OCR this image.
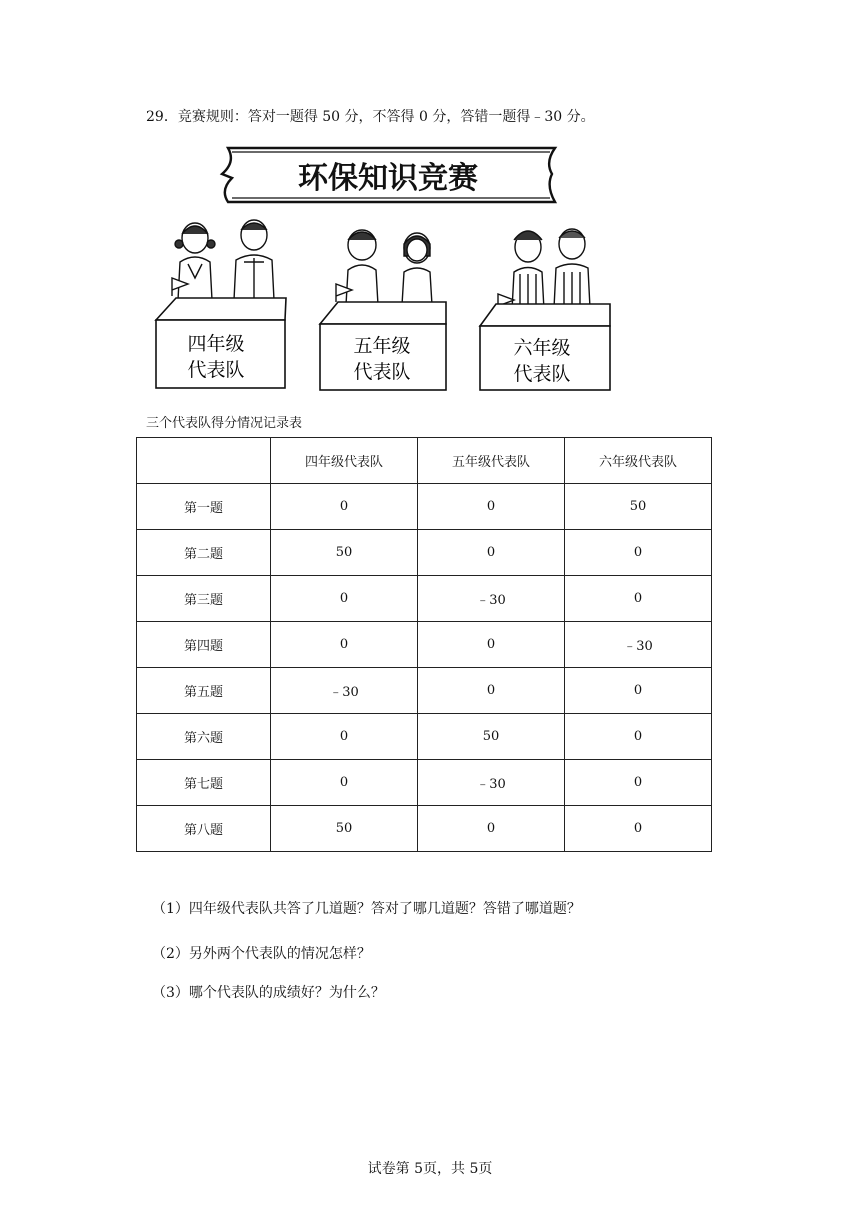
29．竞赛规则：答对一题得 50 分，不答得 0 分，答错一题得﹣30 分。
环保知识竞赛
四年级
代表队
五年级
代表队
六年级
代表队
三个代表队得分情况记录表
	四年级代表队	五年级代表队	六年级代表队
第一题	0	0	50
第二题	50	0	0
第三题	0	﹣30	0
第四题	0	0	﹣30
第五题	﹣30	0	0
第六题	0	50	0
第七题	0	﹣30	0
第八题	50	0	0
（1）四年级代表队共答了几道题？答对了哪几道题？答错了哪道题？
（2）另外两个代表队的情况怎样？
（3）哪个代表队的成绩好？为什么？
试卷第 5页，共 5页
